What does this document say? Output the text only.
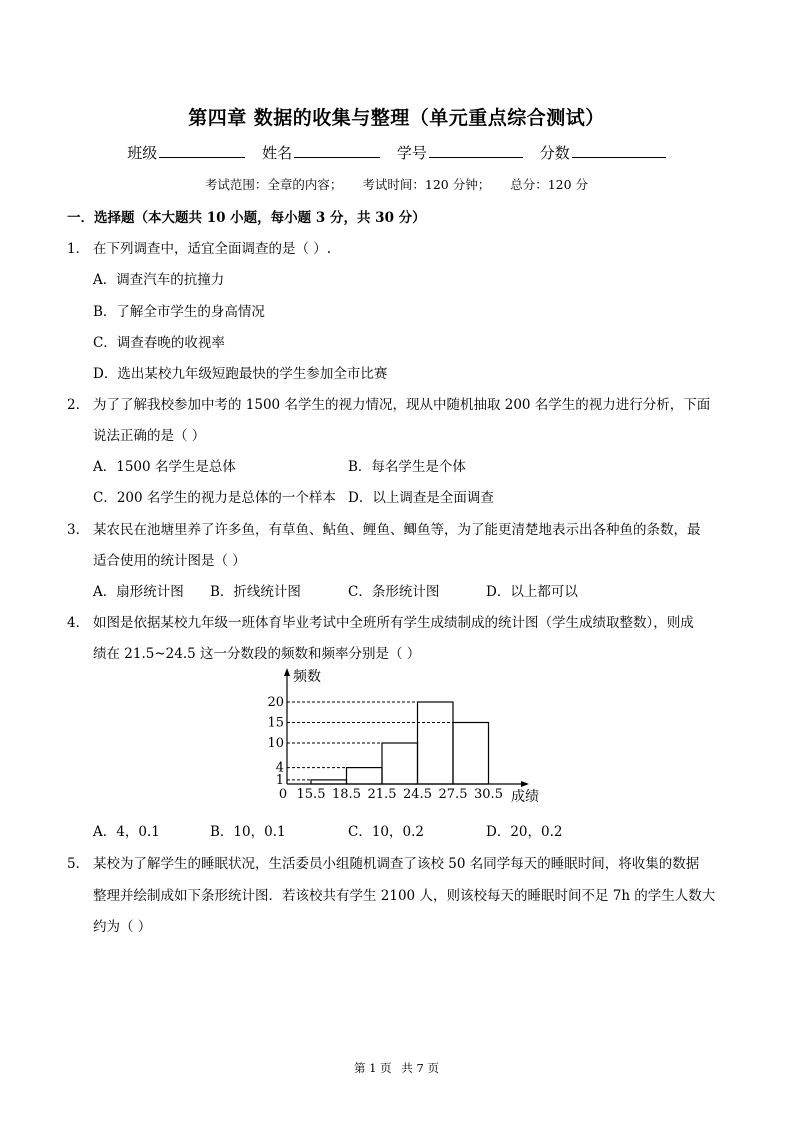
第四章 数据的收集与整理（单元重点综合测试）
班级	姓名	学号	分数
考试范围：全章的内容； 考试时间：120 分钟； 总分：120 分
一．选择题（本大题共 10 小题，每小题 3 分，共 30 分）
1． 在下列调查中，适宜全面调查的是（ ）.
A．调查汽车的抗撞力
B．了解全市学生的身高情况
C．调查春晚的收视率
D．选出某校九年级短跑最快的学生参加全市比赛
2． 为了了解我校参加中考的 1500 名学生的视力情况，现从中随机抽取 200 名学生的视力进行分析，下面
说法正确的是（ ）
A．1500 名学生是总体	B．每名学生是个体
C．200 名学生的视力是总体的一个样本 D．以上调查是全面调查
3． 某农民在池塘里养了许多鱼，有草鱼、鲇鱼、鲤鱼、鲫鱼等，为了能更清楚地表示出各种鱼的条数，最
适合使用的统计图是（ ）
A．扇形统计图 B．折线统计图	C．条形统计图	D．以上都可以
4． 如图是依据某校九年级一班体育毕业考试中全班所有学生成绩制成的统计图（学生成绩取整数），则成
绩在 21.5~24.5 这一分数段的频数和频率分别是（ ）
1
4
10
15
20
0 15.5 18.5 21.5 24.5 27.5 30.5
频数
成绩
A．4，0.1	B．10，0.1	C．10，0.2	D．20，0.2
5． 某校为了解学生的睡眠状况，生活委员小组随机调查了该校 50 名同学每天的睡眠时间，将收集的数据
整理并绘制成如下条形统计图．若该校共有学生 2100 人，则该校每天的睡眠时间不足 7h 的学生人数大
约为（ ）
第 1 页 共 7 页
